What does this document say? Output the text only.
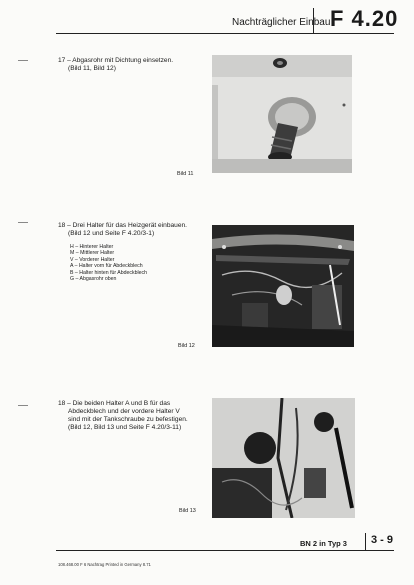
Nachträglicher Einbau F 4.20
17 – Abgasrohr mit Dichtung einsetzen.
(Bild 11, Bild 12)
Bild 11
18 – Drei Halter für das Heizgerät einbauen.
(Bild 12 und Seite F 4.20/3-1)
H – Hinterer Halter
M – Mittlerer Halter
V – Vorderer Halter
A – Halter vorn für Abdeckblech
B – Halter hinten für Abdeckblech
G – Abgasrohr oben
Bild 12
18 – Die beiden Halter A und B für das
Abdeckblech und der vordere Halter V
sind mit der Tankschraube zu befestigen.
(Bild 12, Bild 13 und Seite F 4.20/3-11)
Bild 13
BN 2 in Typ 3 3 - 9
108.468.00 F 6 Nachtrag Printed in Germany 8.71
